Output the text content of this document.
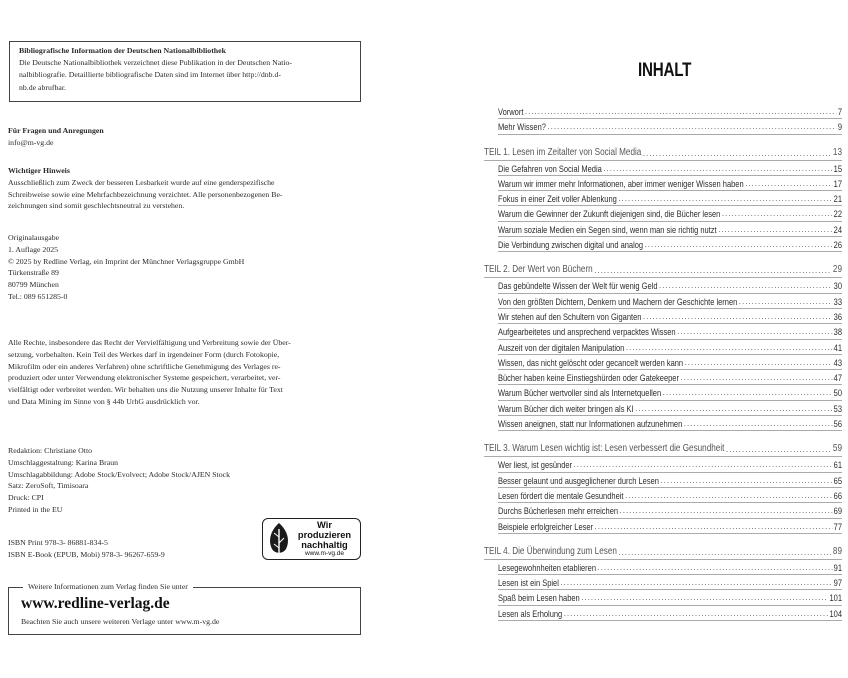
Bibliografische Information der Deutschen Nationalbibliothek
Die Deutsche Nationalbibliothek verzeichnet diese Publikation in der Deutschen Natio-
nalbibliografie. Detaillierte bibliografische Daten sind im Internet über http://dnb.d-
nb.de abrufbar.
Für Fragen und Anregungen
info@m-vg.de
Wichtiger Hinweis
Ausschließlich zum Zweck der besseren Lesbarkeit wurde auf eine genderspezifische
Schreibweise sowie eine Mehrfachbezeichnung verzichtet. Alle personenbezogenen Be-
zeichnungen sind somit geschlechtsneutral zu verstehen.
Originalausgabe
1. Auflage 2025
© 2025 by Redline Verlag, ein Imprint der Münchner Verlagsgruppe GmbH
Türkenstraße 89
80799 München
Tel.: 089 651285-0
Alle Rechte, insbesondere das Recht der Vervielfältigung und Verbreitung sowie der Über-
setzung, vorbehalten. Kein Teil des Werkes darf in irgendeiner Form (durch Fotokopie,
Mikrofilm oder ein anderes Verfahren) ohne schriftliche Genehmigung des Verlages re-
produziert oder unter Verwendung elektronischer Systeme gespeichert, verarbeitet, ver-
vielfältigt oder verbreitet werden. Wir behalten uns die Nutzung unserer Inhalte für Text
und Data Mining im Sinne von § 44b UrhG ausdrücklich vor.
Redaktion: Christiane Otto
Umschlaggestaltung: Karina Braun
Umschlagabbildung: Adobe Stock/Evolvect; Adobe Stock/AJEN Stock
Satz: ZeroSoft, Timisoara
Druck: CPI
Printed in the EU
ISBN Print 978-3- 86881-834-5
ISBN E-Book (EPUB, Mobi) 978-3- 96267-659-9
Wir produzieren
nachhaltig
www.m-vg.de
Weitere Informationen zum Verlag finden Sie unter
www.redline-verlag.de
Beachten Sie auch unsere weiteren Verlage unter www.m-vg.de
INHALT
Vorwort .....	7
Mehr Wissen? .....	9
TEIL 1. Lesen im Zeitalter von Social Media .....	13
Die Gefahren von Social Media .....	15
Warum wir immer mehr Informationen, aber immer weniger Wissen haben .....	17
Fokus in einer Zeit voller Ablenkung .....	21
Warum die Gewinner der Zukunft diejenigen sind, die Bücher lesen .....	22
Warum soziale Medien ein Segen sind, wenn man sie richtig nutzt .....	24
Die Verbindung zwischen digital und analog .....	26
TEIL 2. Der Wert von Büchern .....	29
Das gebündelte Wissen der Welt für wenig Geld .....	30
Von den größten Dichtern, Denkern und Machern der Geschichte lernen .....	33
Wir stehen auf den Schultern von Giganten .....	36
Aufgearbeitetes und ansprechend verpacktes Wissen .....	38
Auszeit von der digitalen Manipulation .....	41
Wissen, das nicht gelöscht oder gecancelt werden kann .....	43
Bücher haben keine Einstiegshürden oder Gatekeeper .....	47
Warum Bücher wertvoller sind als Internetquellen .....	50
Warum Bücher dich weiter bringen als KI .....	53
Wissen aneignen, statt nur Informationen aufzunehmen .....	56
TEIL 3. Warum Lesen wichtig ist: Lesen verbessert die Gesundheit .....	59
Wer liest, ist gesünder .....	61
Besser gelaunt und ausgeglichener durch Lesen .....	65
Lesen fördert die mentale Gesundheit .....	66
Durchs Bücherlesen mehr erreichen .....	69
Beispiele erfolgreicher Leser .....	77
TEIL 4. Die Überwindung zum Lesen .....	89
Lesegewohnheiten etablieren .....	91
Lesen ist ein Spiel .....	97
Spaß beim Lesen haben .....	101
Lesen als Erholung .....	104
